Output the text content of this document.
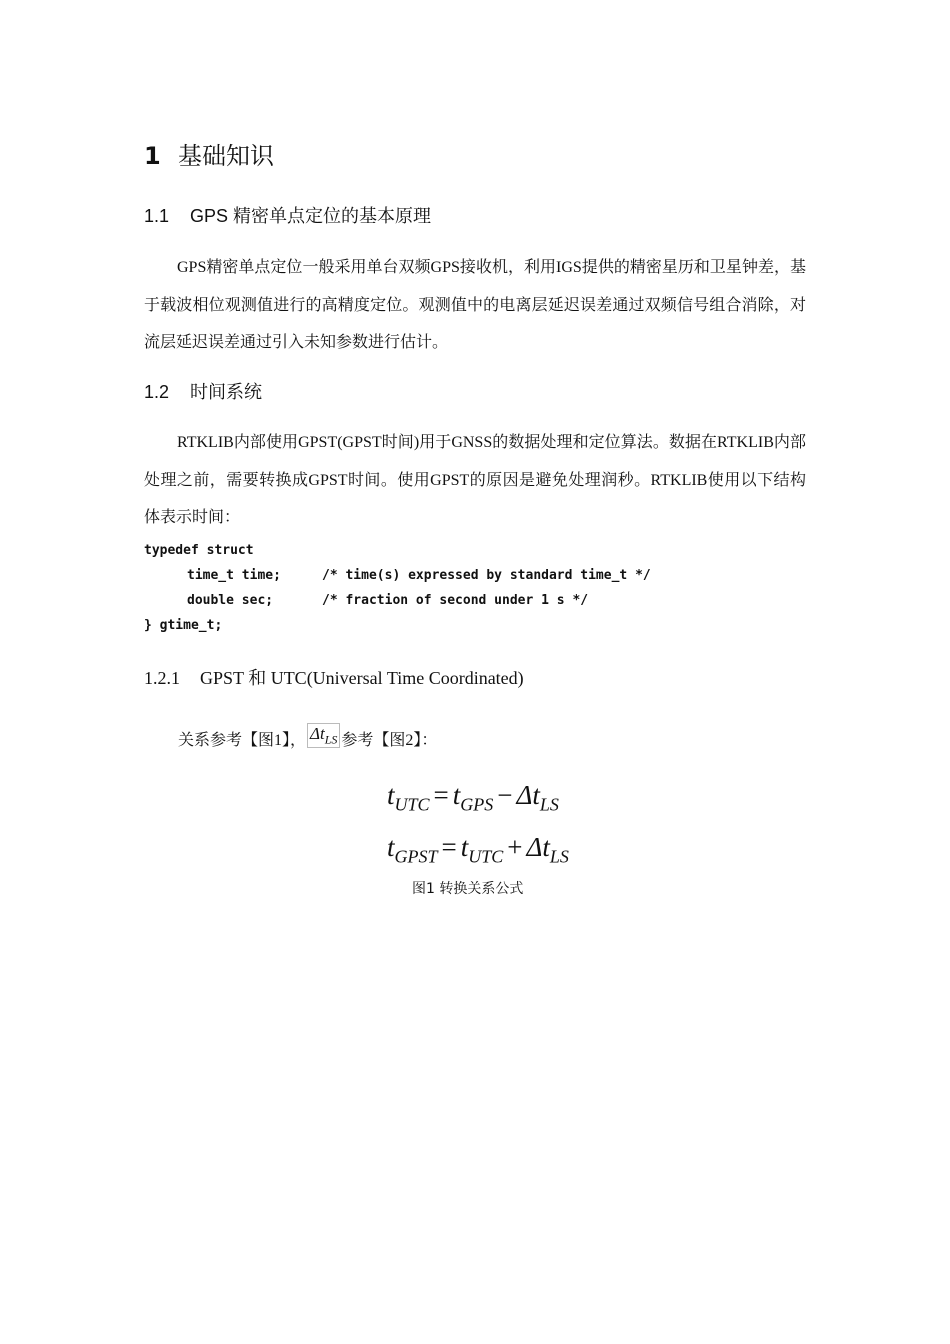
1 基础知识
1.1 GPS 精密单点定位的基本原理
GPS精密单点定位一般采用单台双频GPS接收机，利用IGS提供的精密星历和卫星钟差，基于载波相位观测值进行的高精度定位。观测值中的电离层延迟误差通过双频信号组合消除，对流层延迟误差通过引入未知参数进行估计。
1.2 时间系统
RTKLIB内部使用GPST(GPST时间)用于GNSS的数据处理和定位算法。数据在RTKLIB内部处理之前，需要转换成GPST时间。使用GPST的原因是避免处理润秒。RTKLIB使用以下结构体表示时间：
typedef struct
time_t time;	/* time(s) expressed by standard time_t */
double sec;	/* fraction of second under 1 s */
} gtime_t;
1.2.1 GPST 和 UTC(Universal Time Coordinated)
关系参考【图1】， $\Delta t_{LS}$ 参考【图2】：
$t_{UTC} = t_{GPS} - \Delta t_{LS}$
$t_{GPST} = t_{UTC} + \Delta t_{LS}$
图1 转换关系公式
